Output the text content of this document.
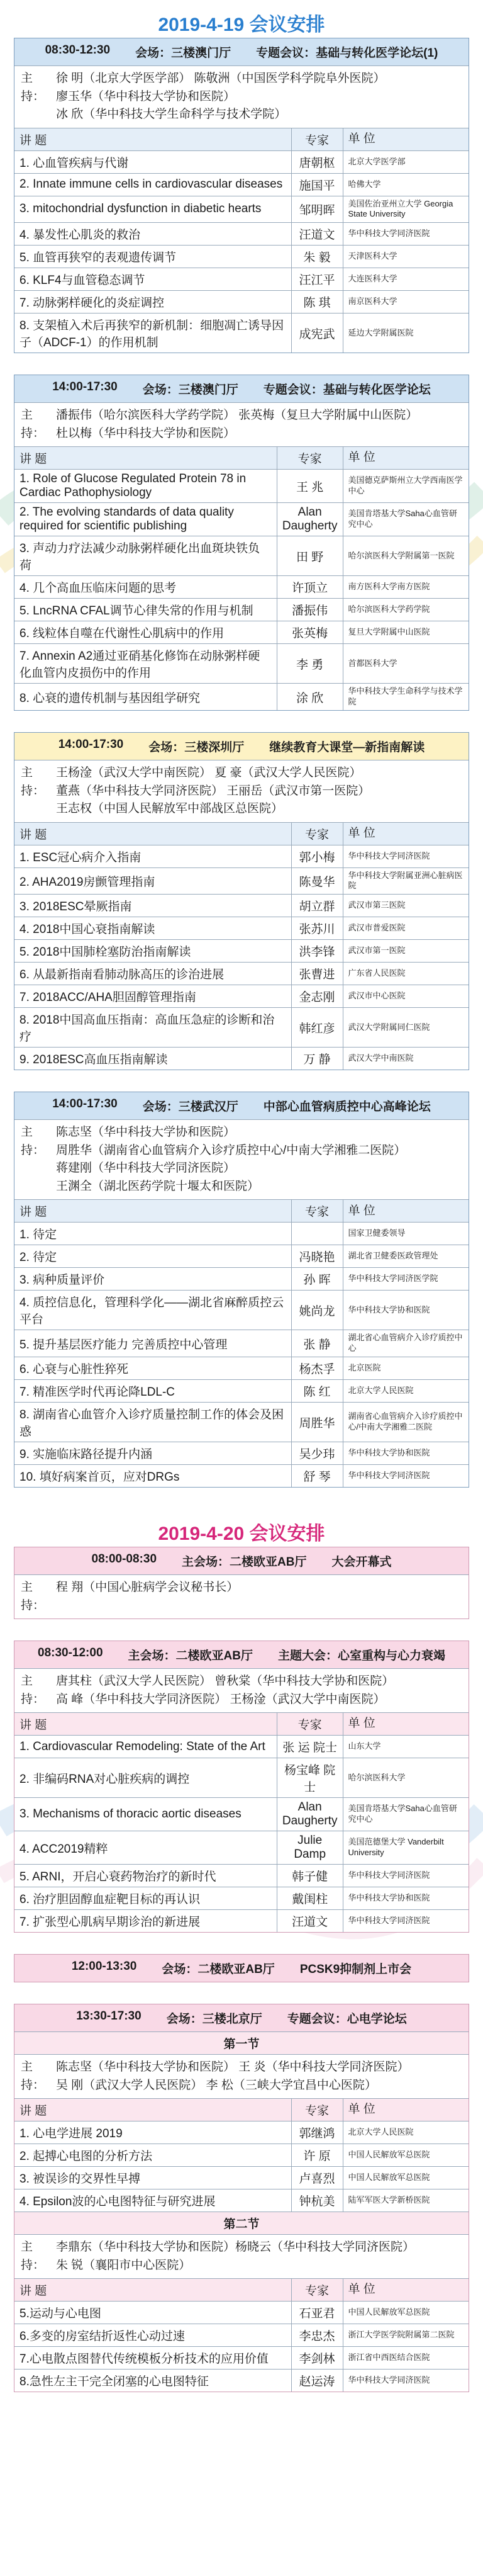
2019-4-19 会议安排
08:30-12:30 会场：三楼澳门厅 专题会议：基础与转化医学论坛(1)
主持：
徐 明（北京大学医学部） 陈敬洲（中国医学科学院阜外医院）
廖玉华（华中科技大学协和医院）
冰 欣（华中科技大学生命科学与技术学院）
讲 题	专家	单 位
1. 心血管疾病与代谢	唐朝枢	北京大学医学部
2. Innate immune cells in cardiovascular diseases	施国平	哈佛大学
3. mitochondrial dysfunction in diabetic hearts	邹明晖	美国佐治亚州立大学 Georgia State University
4. 暴发性心肌炎的救治	汪道文	华中科技大学同济医院
5. 血管再狭窄的表观遗传调节	朱 毅	天津医科大学
6. KLF4与血管稳态调节	汪江平	大连医科大学
7. 动脉粥样硬化的炎症调控	陈 琪	南京医科大学
8. 支架植入术后再狭窄的新机制：细胞凋亡诱导因子（ADCF-1）的作用机制	成宪武	延边大学附属医院
14:00-17:30 会场：三楼澳门厅 专题会议：基础与转化医学论坛
主持：
潘振伟（哈尔滨医科大学药学院） 张英梅（复旦大学附属中山医院）
杜以梅（华中科技大学协和医院）
讲 题	专家	单 位
1. Role of Glucose Regulated Protein 78 in Cardiac Pathophysiology	王 兆	美国德克萨斯州立大学西南医学中心
2. The evolving standards of data quality required for scientific publishing	Alan Daugherty	美国肯塔基大学Saha心血管研究中心
3. 声动力疗法减少动脉粥样硬化出血斑块铁负荷	田 野	哈尔滨医科大学附属第一医院
4. 几个高血压临床问题的思考	许顶立	南方医科大学南方医院
5. LncRNA CFAL调节心律失常的作用与机制	潘振伟	哈尔滨医科大学药学院
6. 线粒体自噬在代谢性心肌病中的作用	张英梅	复旦大学附属中山医院
7. Annexin A2通过亚硝基化修饰在动脉粥样硬化血管内皮损伤中的作用	李 勇	首都医科大学
8. 心衰的遗传机制与基因组学研究	涂 欣	华中科技大学生命科学与技术学院
14:00-17:30 会场：三楼深圳厅 继续教育大课堂—新指南解读
主持：
王杨淦（武汉大学中南医院） 夏 豪（武汉大学人民医院）
董燕（华中科技大学同济医院） 王丽岳（武汉市第一医院）
王志权（中国人民解放军中部战区总医院）
讲 题	专家	单 位
1. ESC冠心病介入指南	郭小梅	华中科技大学同济医院
2. AHA2019房颤管理指南	陈曼华	华中科技大学附属亚洲心脏病医院
3. 2018ESC晕厥指南	胡立群	武汉市第三医院
4. 2018中国心衰指南解读	张苏川	武汉市普爱医院
5. 2018中国肺栓塞防治指南解读	洪李锋	武汉市第一医院
6. 从最新指南看肺动脉高压的诊治进展	张曹进	广东省人民医院
7. 2018ACC/AHA胆固醇管理指南	金志刚	武汉市中心医院
8. 2018中国高血压指南：高血压急症的诊断和治疗	韩红彦	武汉大学附属同仁医院
9. 2018ESC高血压指南解读	万 静	武汉大学中南医院
14:00-17:30 会场：三楼武汉厅 中部心血管病质控中心高峰论坛
主持：
陈志坚（华中科技大学协和医院）
周胜华（湖南省心血管病介入诊疗质控中心/中南大学湘雅二医院）
蒋建刚（华中科技大学同济医院）
王渊全（湖北医药学院十堰太和医院）
讲 题	专家	单 位
1. 待定		国家卫健委领导
2. 待定	冯晓艳	湖北省卫健委医政管理处
3. 病种质量评价	孙 晖	华中科技大学同济医学院
4. 质控信息化，管理科学化——湖北省麻醉质控云平台	姚尚龙	华中科技大学协和医院
5. 提升基层医疗能力 完善质控中心管理	张 静	湖北省心血管病介入诊疗质控中心
6. 心衰与心脏性猝死	杨杰孚	北京医院
7. 精准医学时代再论降LDL-C	陈 红	北京大学人民医院
8. 湖南省心血管介入诊疗质量控制工作的体会及困惑	周胜华	湖南省心血管病介入诊疗质控中心/中南大学湘雅二医院
9. 实施临床路径提升内涵	吴少玮	华中科技大学协和医院
10. 填好病案首页，应对DRGs	舒 琴	华中科技大学同济医院
2019-4-20 会议安排
08:00-08:30 主会场：二楼欧亚AB厅 大会开幕式
主持：
程 翔（中国心脏病学会议秘书长）
08:30-12:00 主会场：二楼欧亚AB厅 主题大会：心室重构与心力衰竭
主持：
唐其柱（武汉大学人民医院） 曾秋棠（华中科技大学协和医院）
高 峰（华中科技大学同济医院） 王杨淦（武汉大学中南医院）
讲 题	专家	单 位
1. Cardiovascular Remodeling: State of the Art	张 运 院士	山东大学
2. 非编码RNA对心脏疾病的调控	杨宝峰 院士	哈尔滨医科大学
3. Mechanisms of thoracic aortic diseases	Alan Daugherty	美国肯塔基大学Saha心血管研究中心
4. ACC2019精粹	Julie Damp	美国范德堡大学 Vanderbilt University
5. ARNI，开启心衰药物治疗的新时代	韩子健	华中科技大学同济医院
6. 治疗胆固醇血症靶目标的再认识	戴闺柱	华中科技大学协和医院
7. 扩张型心肌病早期诊治的新进展	汪道文	华中科技大学同济医院
12:00-13:30 会场：二楼欧亚AB厅 PCSK9抑制剂上市会
13:30-17:30 会场：三楼北京厅 专题会议：心电学论坛
第一节
主持：
陈志坚（华中科技大学协和医院） 王 炎（华中科技大学同济医院）
吴 刚（武汉大学人民医院） 李 松（三峡大学宜昌中心医院）
讲 题	专家	单 位
1. 心电学进展 2019	郭继鸿	北京大学人民医院
2. 起搏心电图的分析方法	许 原	中国人民解放军总医院
3. 被误诊的交界性早搏	卢喜烈	中国人民解放军总医院
4. Epsilon波的心电图特征与研究进展	钟杭美	陆军军医大学新桥医院
第二节
主持：
李鼎东（华中科技大学协和医院）杨晓云（华中科技大学同济医院）
朱 锐（襄阳市中心医院）
讲 题	专家	单 位
5.运动与心电图	石亚君	中国人民解放军总医院
6.多变的房室结折返性心动过速	李忠杰	浙江大学医学院附属第二医院
7.心电散点图替代传统模板分析技术的应用价值	李剑林	浙江省中西医结合医院
8.急性左主干完全闭塞的心电图特征	赵运涛	华中科技大学同济医院
